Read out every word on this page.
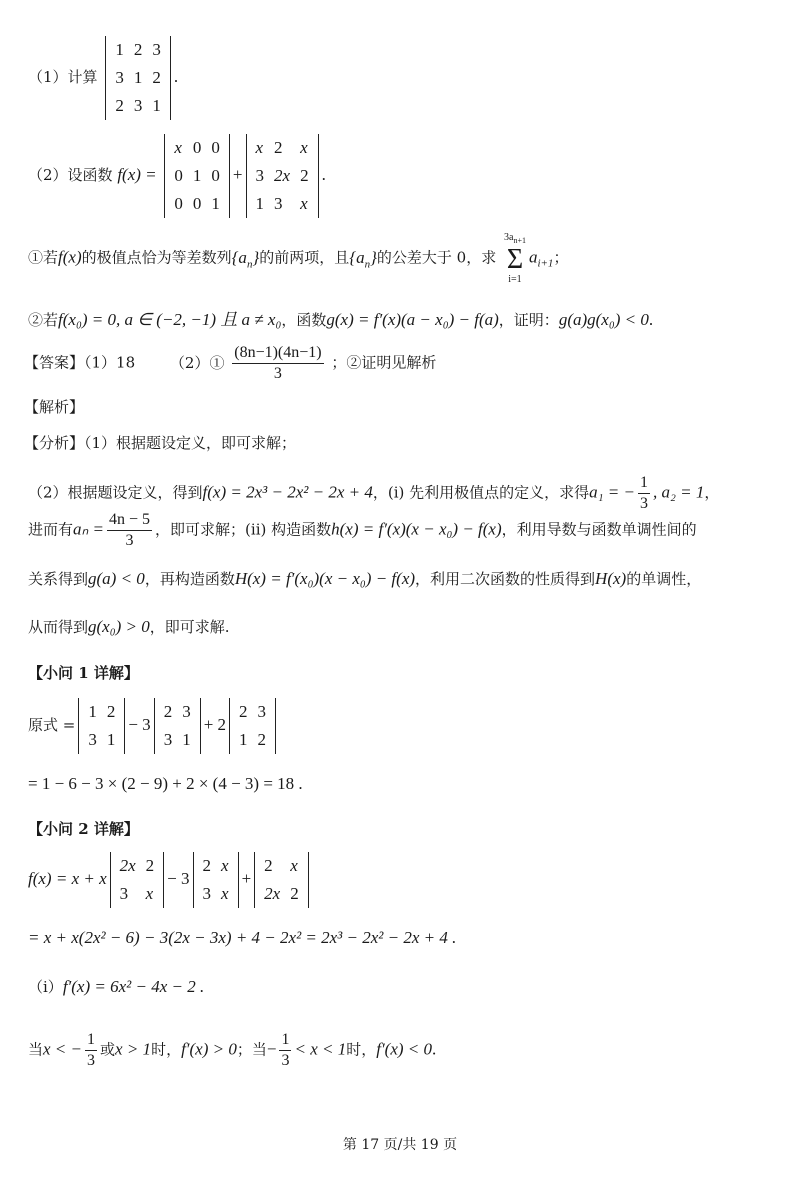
（1）计算
1	2	3
3	1	2
2	3	1
.
（2）设函数 f(x) =
x	0	0
0	1	0
0	0	1
+
x	2	x
3	2x	2
1	3	x
.
①若f(x)的极值点恰为等差数列$\{a_n\}$的前两项，且$\{a_n\}$的公差大于 0，求
$3a_{n+1}$
Σ
i=1
$a_{i+1}$；
②若f(x₀) = 0, a ∈ (−2, −1) 且 a ≠ x₀，函数g(x) = f′(x)(a − x₀) − f(a)，证明：g(a)g(x₀) < 0.
【答案】（1）18 （2）① $\frac{(8n-1)(4n-1)}{3}$ ；②证明见解析
【解析】
【分析】（1）根据题设定义，即可求解；
（2）根据题设定义，得到f(x) = 2x³ − 2x² − 2x + 4，(i) 先利用极值点的定义，求得a₁ = − $\frac{1}{3}$ , a₂ = 1，
进而有$a_n = \frac{4n - 5}{3}$ ，即可求解；(ii) 构造函数h(x) = f′(x)(x − x₀) − f(x)，利用导数与函数单调性间的
关系得到g(a) < 0，再构造函数H(x) = f′(x₀)(x − x₀) − f(x)，利用二次函数的性质得到H(x)的单调性，
从而得到g(x₀) > 0，即可求解.
【小问 1 详解】
原式 =
1	2
3	1
− 3
2	3
3	1
+ 2
2	3
1	2
= 1 − 6 − 3 × (2 − 9) + 2 × (4 − 3) = 18 .
【小问 2 详解】
f(x) = x + x
2x	2
3	x
− 3
2	x
3	x
+
2	x
2x	2
= x + x(2x² − 6) − 3(2x − 3x) + 4 − 2x² = 2x³ − 2x² − 2x + 4 .
（i）f′(x) = 6x² − 4x − 2 .
当x < − $\frac{1}{3}$ 或x > 1时，f′(x) > 0；当− $\frac{1}{3} < x < 1$时，f′(x) < 0.
第 17 页/共 19 页
